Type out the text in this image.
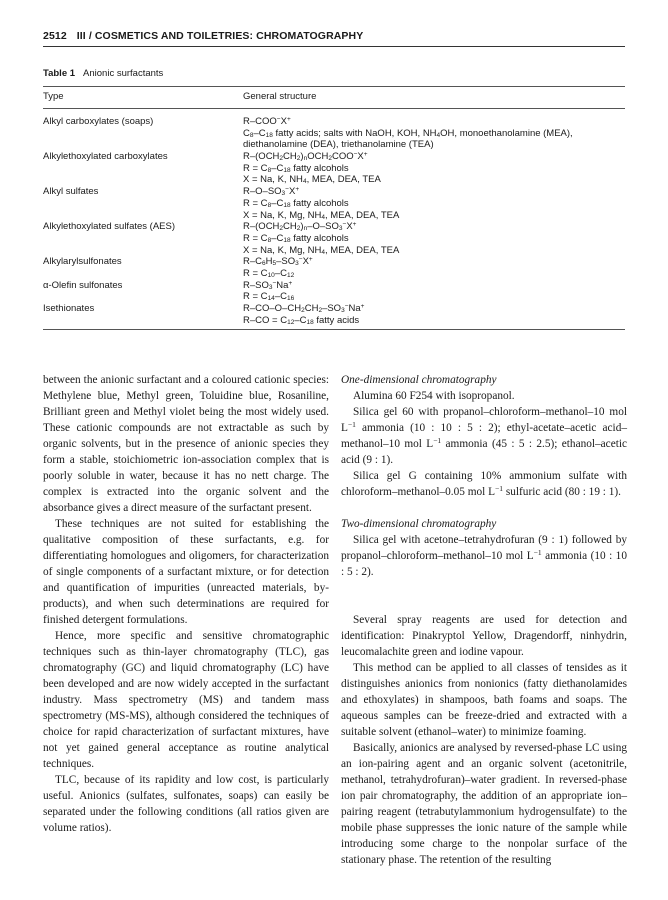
2512 III / COSMETICS AND TOILETRIES: CHROMATOGRAPHY
Table 1 Anionic surfactants
Type	General structure
Alkyl carboxylates (soaps)	R–COO−X+
$C_8-C_{18}$ fatty acids; salts with NaOH, KOH, $NH_4OH$, monoethanolamine (MEA),
diethanolamine (DEA), triethanolamine (TEA)
Alkylethoxylated carboxylates	$R-(OCH_2CH_2)_nOCH_2COO^-X^+$
$R = C_8-C_{18}$ fatty alcohols
X = Na, K, $NH_4$, MEA, DEA, TEA
Alkyl sulfates	$R-O-SO_3^-X^+$
$R = C_8-C_{18}$ fatty alcohols
X = Na, K, Mg, $NH_4$, MEA, DEA, TEA
Alkylethoxylated sulfates (AES)	$R-(OCH_2CH_2)_n-O-SO_3^-X^+$
$R = C_8-C_{18}$ fatty alcohols
X = Na, K, Mg, $NH_4$, MEA, DEA, TEA
Alkylarylsulfonates	$R-C_6H_5-SO_3^-X^+$
$R = C_{10}-C_{12}$
α-Olefin sulfonates	$R-SO_3^-Na^+$
$R = C_{14}-C_{16}$
Isethionates	$R-CO-O-CH_2CH_2-SO_3^-Na^+$
$R-CO = C_{12}-C_{18}$ fatty acids

between the anionic surfactant and a coloured cationic species: Methylene blue, Methyl green, Toluidine blue, Rosaniline, Brilliant green and Methyl violet being the most widely used. These cationic compounds are not extractable as such by organic solvents, but in the presence of anionic species they form a stable, stoichiometric ion-association complex that is poorly soluble in water, because it has no nett charge. The complex is extracted into the organic solvent and the absorbance gives a direct measure of the surfactant present.

These techniques are not suited for establishing the qualitative composition of these surfactants, e.g. for differentiating homologues and oligomers, for characterization of single components of a surfactant mixture, or for detection and quantification of impurities (unreacted materials, by-products), and when such determinations are required for finished detergent formulations.

Hence, more specific and sensitive chromatographic techniques such as thin-layer chromatography (TLC), gas chromatography (GC) and liquid chromatography (LC) have been developed and are now widely accepted in the surfactant industry. Mass spectrometry (MS) and tandem mass spectrometry (MS-MS), although considered the techniques of choice for rapid characterization of surfactant mixtures, have not yet gained general acceptance as routine analytical techniques.

TLC, because of its rapidity and low cost, is particularly useful. Anionics (sulfates, sulfonates, soaps) can easily be separated under the following conditions (all ratios given are volume ratios).

One-dimensional chromatography

Alumina 60 F254 with isopropanol.

Silica gel 60 with propanol–chloroform–methanol–10 mol $L^{-1}$ ammonia (10 : 10 : 5 : 2); ethyl-acetate–acetic acid–methanol–10 mol $L^{-1}$ ammonia (45 : 5 : 2.5); ethanol–acetic acid (9 : 1).

Silica gel G containing 10% ammonium sulfate with chloroform–methanol–0.05 mol $L^{-1}$ sulfuric acid (80 : 19 : 1).

Two-dimensional chromatography

Silica gel with acetone–tetrahydrofuran (9 : 1) followed by propanol–chloroform–methanol–10 mol $L^{-1}$ ammonia (10 : 10 : 5 : 2).

Several spray reagents are used for detection and identification: Pinakryptol Yellow, Dragendorff, ninhydrin, leucomalachite green and iodine vapour.

This method can be applied to all classes of tensides as it distinguishes anionics from nonionics (fatty diethanolamides and ethoxylates) in shampoos, bath foams and soaps. The aqueous samples can be freeze-dried and extracted with a suitable solvent (ethanol–water) to minimize foaming.

Basically, anionics are analysed by reversed-phase LC using an ion-pairing agent and an organic solvent (acetonitrile, methanol, tetrahydrofuran)–water gradient. In reversed-phase ion pair chromatography, the addition of an appropriate ion–pairing reagent (tetrabutylammonium hydrogensulfate) to the mobile phase suppresses the ionic nature of the sample while introducing some charge to the nonpolar surface of the stationary phase. The retention of the resulting
